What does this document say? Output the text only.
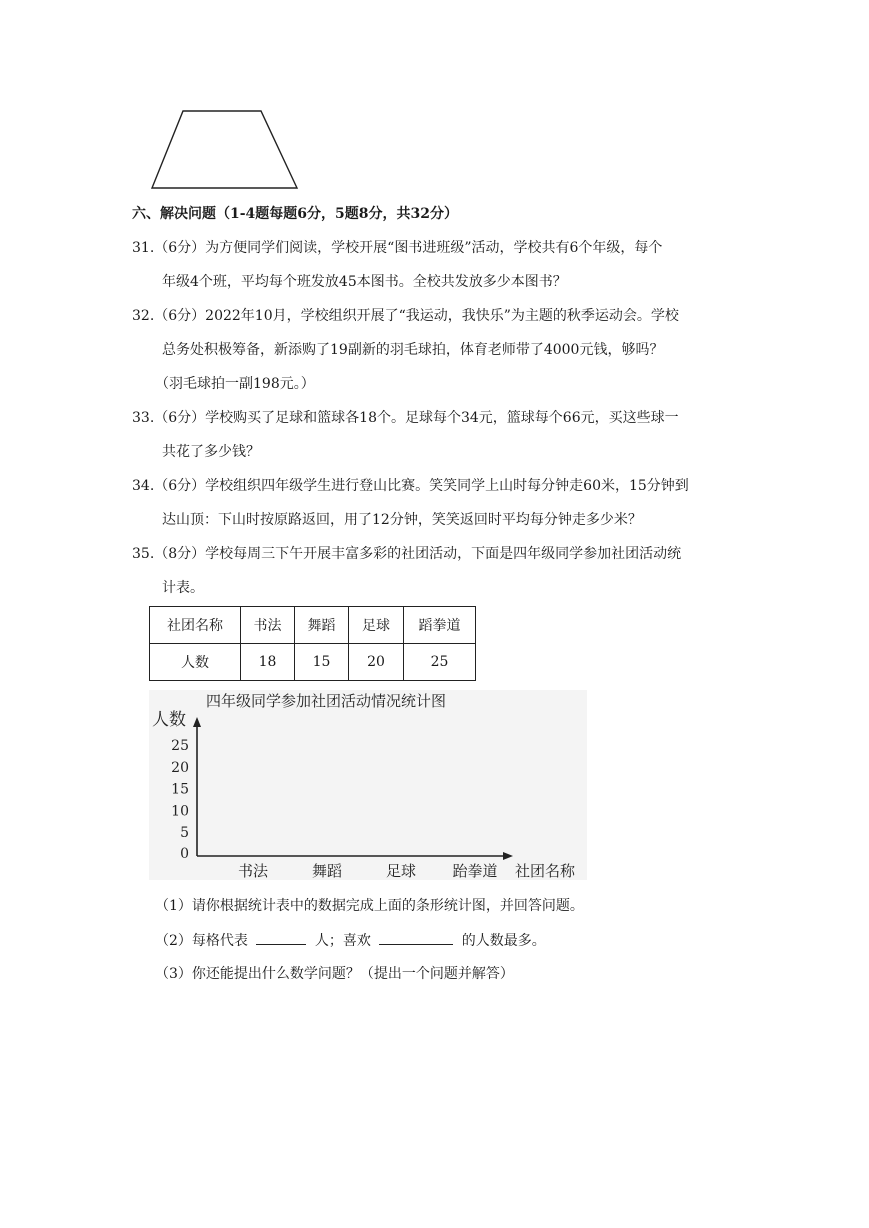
六、解决问题（1-4题每题6分，5题8分，共32分）
31.（6分）为方便同学们阅读，学校开展“图书进班级”活动，学校共有6个年级，每个
年级4个班，平均每个班发放45本图书。全校共发放多少本图书？
32.（6分）2022年10月，学校组织开展了“我运动，我快乐”为主题的秋季运动会。学校
总务处积极筹备，新添购了19副新的羽毛球拍，体育老师带了4000元钱，够吗？
（羽毛球拍一副198元。）
33.（6分）学校购买了足球和篮球各18个。足球每个34元，篮球每个66元，买这些球一
共花了多少钱？
34.（6分）学校组织四年级学生进行登山比赛。笑笑同学上山时每分钟走60米，15分钟到
达山顶：下山时按原路返回，用了12分钟，笑笑返回时平均每分钟走多少米？
35.（8分）学校每周三下午开展丰富多彩的社团活动，下面是四年级同学参加社团活动统
计表。
社团名称	书法	舞蹈	足球	蹈拳道
人数	18	15	20	25
四年级同学参加社团活动情况统计图
人数
社团名称
0
5
10
15
20
25
书法	舞蹈	足球 跆拳道
（1）请你根据统计表中的数据完成上面的条形统计图，并回答问题。
（2）每格代表	人；喜欢	的人数最多。
（3）你还能提出什么数学问题？（提出一个问题并解答）
